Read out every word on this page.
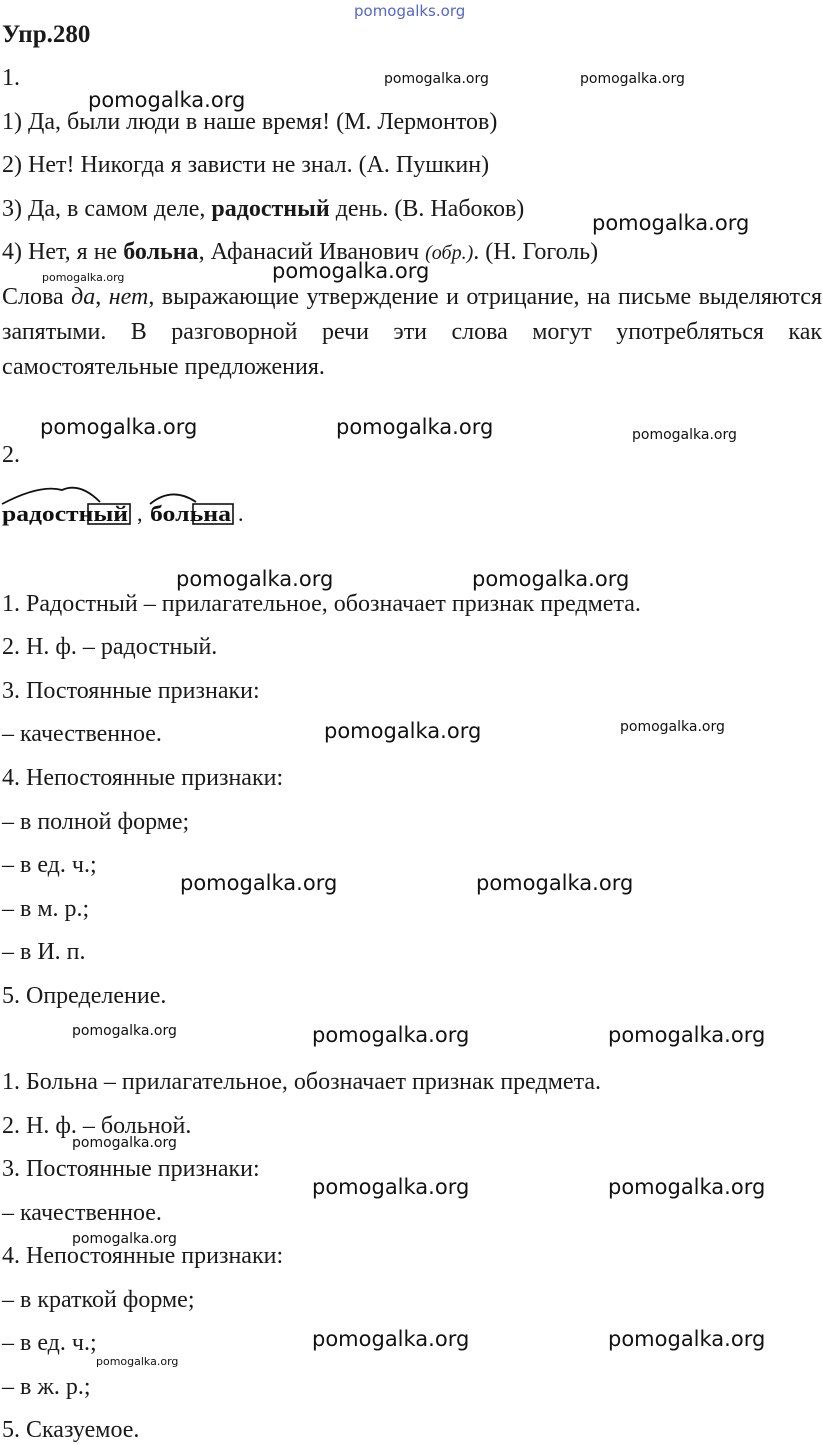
pomogalks.org
pomogalka.org	pomogalka.org
pomogalka.org
pomogalka.org
pomogalka.org	pomogalka.org
pomogalka.org	pomogalka.org	pomogalka.org
pomogalka.org	pomogalka.org
pomogalka.org	pomogalka.org
pomogalka.org	pomogalka.org
pomogalka.org	pomogalka.org	pomogalka.org
pomogalka.org
pomogalka.org	pomogalka.org
pomogalka.org
pomogalka.org	pomogalka.org
pomogalka.org
Упр.280
1.
1) Да, были люди в наше время! (М. Лермонтов)
2) Нет! Никогда я зависти не знал. (А. Пушкин)
3) Да, в самом деле, радостный день. (В. Набоков)
4) Нет, я не больна, Афанасий Иванович (обр.). (Н. Гоголь)
Слова да, нет, выражающие утверждение и отрицание, на письме выделяются запятыми. В разговорной речи эти слова могут употребляться как самостоятельные предложения.
2.
радостный , больна .
1. Радостный – прилагательное, обозначает признак предмета.
2. Н. ф. – радостный.
3. Постоянные признаки:
– качественное.
4. Непостоянные признаки:
– в полной форме;
– в ед. ч.;
– в м. р.;
– в И. п.
5. Определение.
1. Больна – прилагательное, обозначает признак предмета.
2. Н. ф. – больной.
3. Постоянные признаки:
– качественное.
4. Непостоянные признаки:
– в краткой форме;
– в ед. ч.;
– в ж. р.;
5. Сказуемое.
